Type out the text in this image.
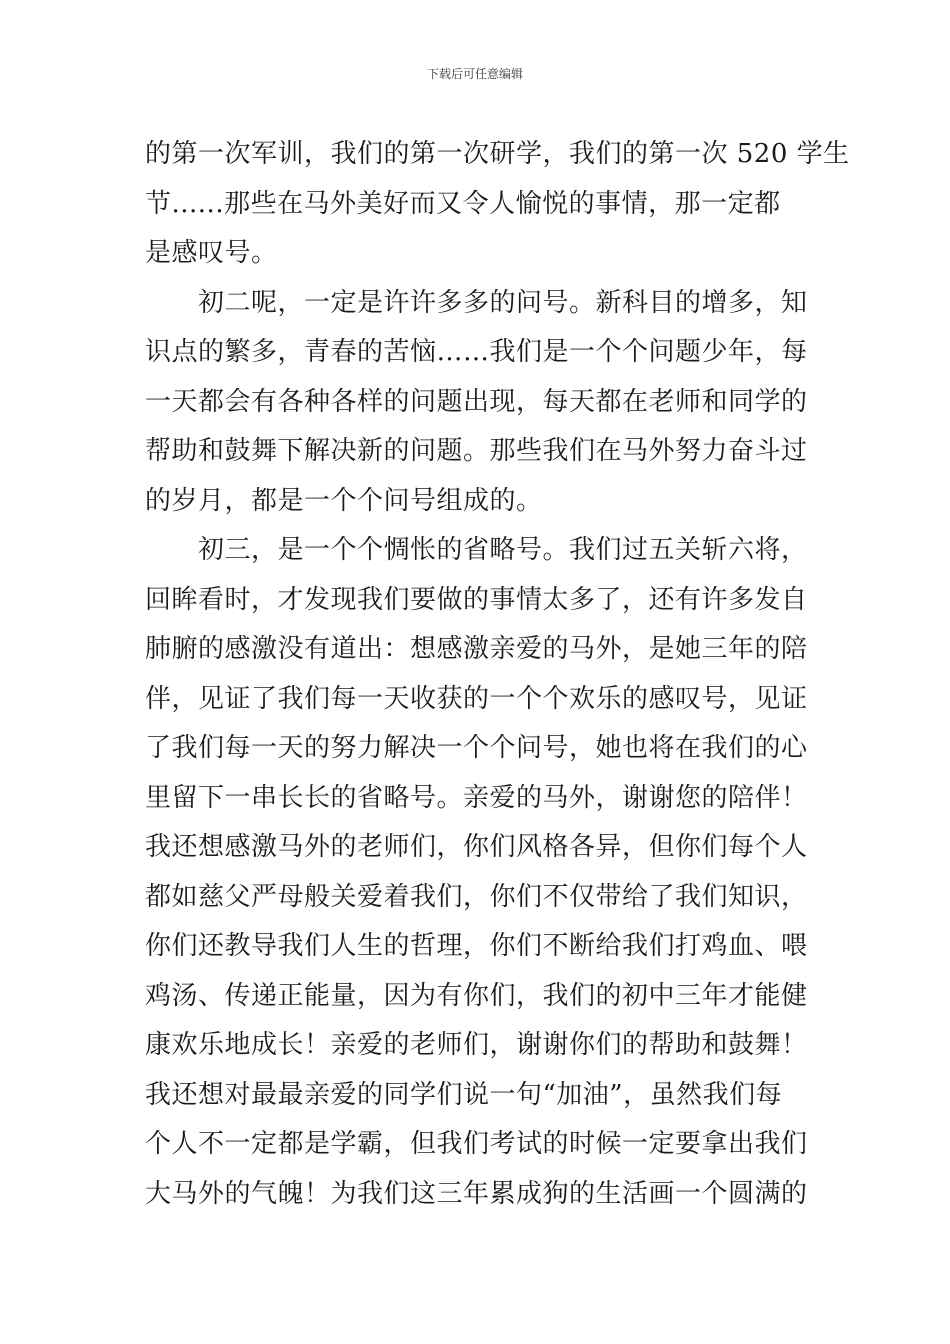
下载后可任意编辑
的第一次军训，我们的第一次研学，我们的第一次 520 学生
节......那些在马外美好而又令人愉悦的事情，那一定都
是感叹号。
　　初二呢，一定是许许多多的问号。新科目的增多，知
识点的繁多，青春的苦恼……我们是一个个问题少年，每
一天都会有各种各样的问题出现，每天都在老师和同学的
帮助和鼓舞下解决新的问题。那些我们在马外努力奋斗过
的岁月，都是一个个问号组成的。
　　初三，是一个个惆怅的省略号。我们过五关斩六将，
回眸看时，才发现我们要做的事情太多了，还有许多发自
肺腑的感激没有道出：想感激亲爱的马外，是她三年的陪
伴，见证了我们每一天收获的一个个欢乐的感叹号，见证
了我们每一天的努力解决一个个问号，她也将在我们的心
里留下一串长长的省略号。亲爱的马外，谢谢您的陪伴！
我还想感激马外的老师们，你们风格各异，但你们每个人
都如慈父严母般关爱着我们，你们不仅带给了我们知识，
你们还教导我们人生的哲理，你们不断给我们打鸡血、喂
鸡汤、传递正能量，因为有你们，我们的初中三年才能健
康欢乐地成长！亲爱的老师们，谢谢你们的帮助和鼓舞！
我还想对最最亲爱的同学们说一句“加油”，虽然我们每
个人不一定都是学霸，但我们考试的时候一定要拿出我们
大马外的气魄！为我们这三年累成狗的生活画一个圆满的
